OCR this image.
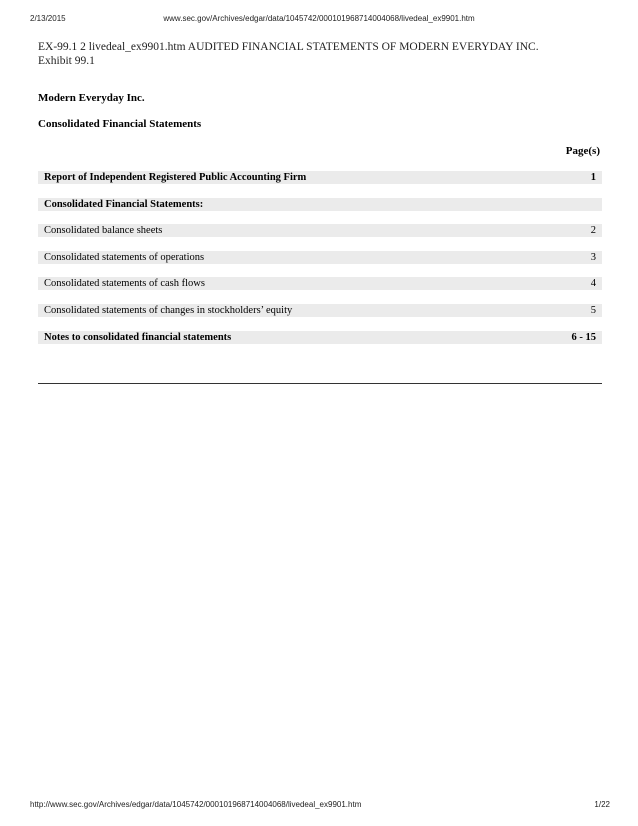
2/13/2015	www.sec.gov/Archives/edgar/data/1045742/000101968714004068/livedeal_ex9901.htm
EX-99.1 2 livedeal_ex9901.htm AUDITED FINANCIAL STATEMENTS OF MODERN EVERYDAY INC.
Exhibit 99.1
Modern Everyday Inc.
Consolidated Financial Statements
Page(s)
Report of Independent Registered Public Accounting Firm	1
Consolidated Financial Statements:
Consolidated balance sheets	2
Consolidated statements of operations	3
Consolidated statements of cash flows	4
Consolidated statements of changes in stockholders’ equity	5
Notes to consolidated financial statements	6 - 15
http://www.sec.gov/Archives/edgar/data/1045742/000101968714004068/livedeal_ex9901.htm	1/22
